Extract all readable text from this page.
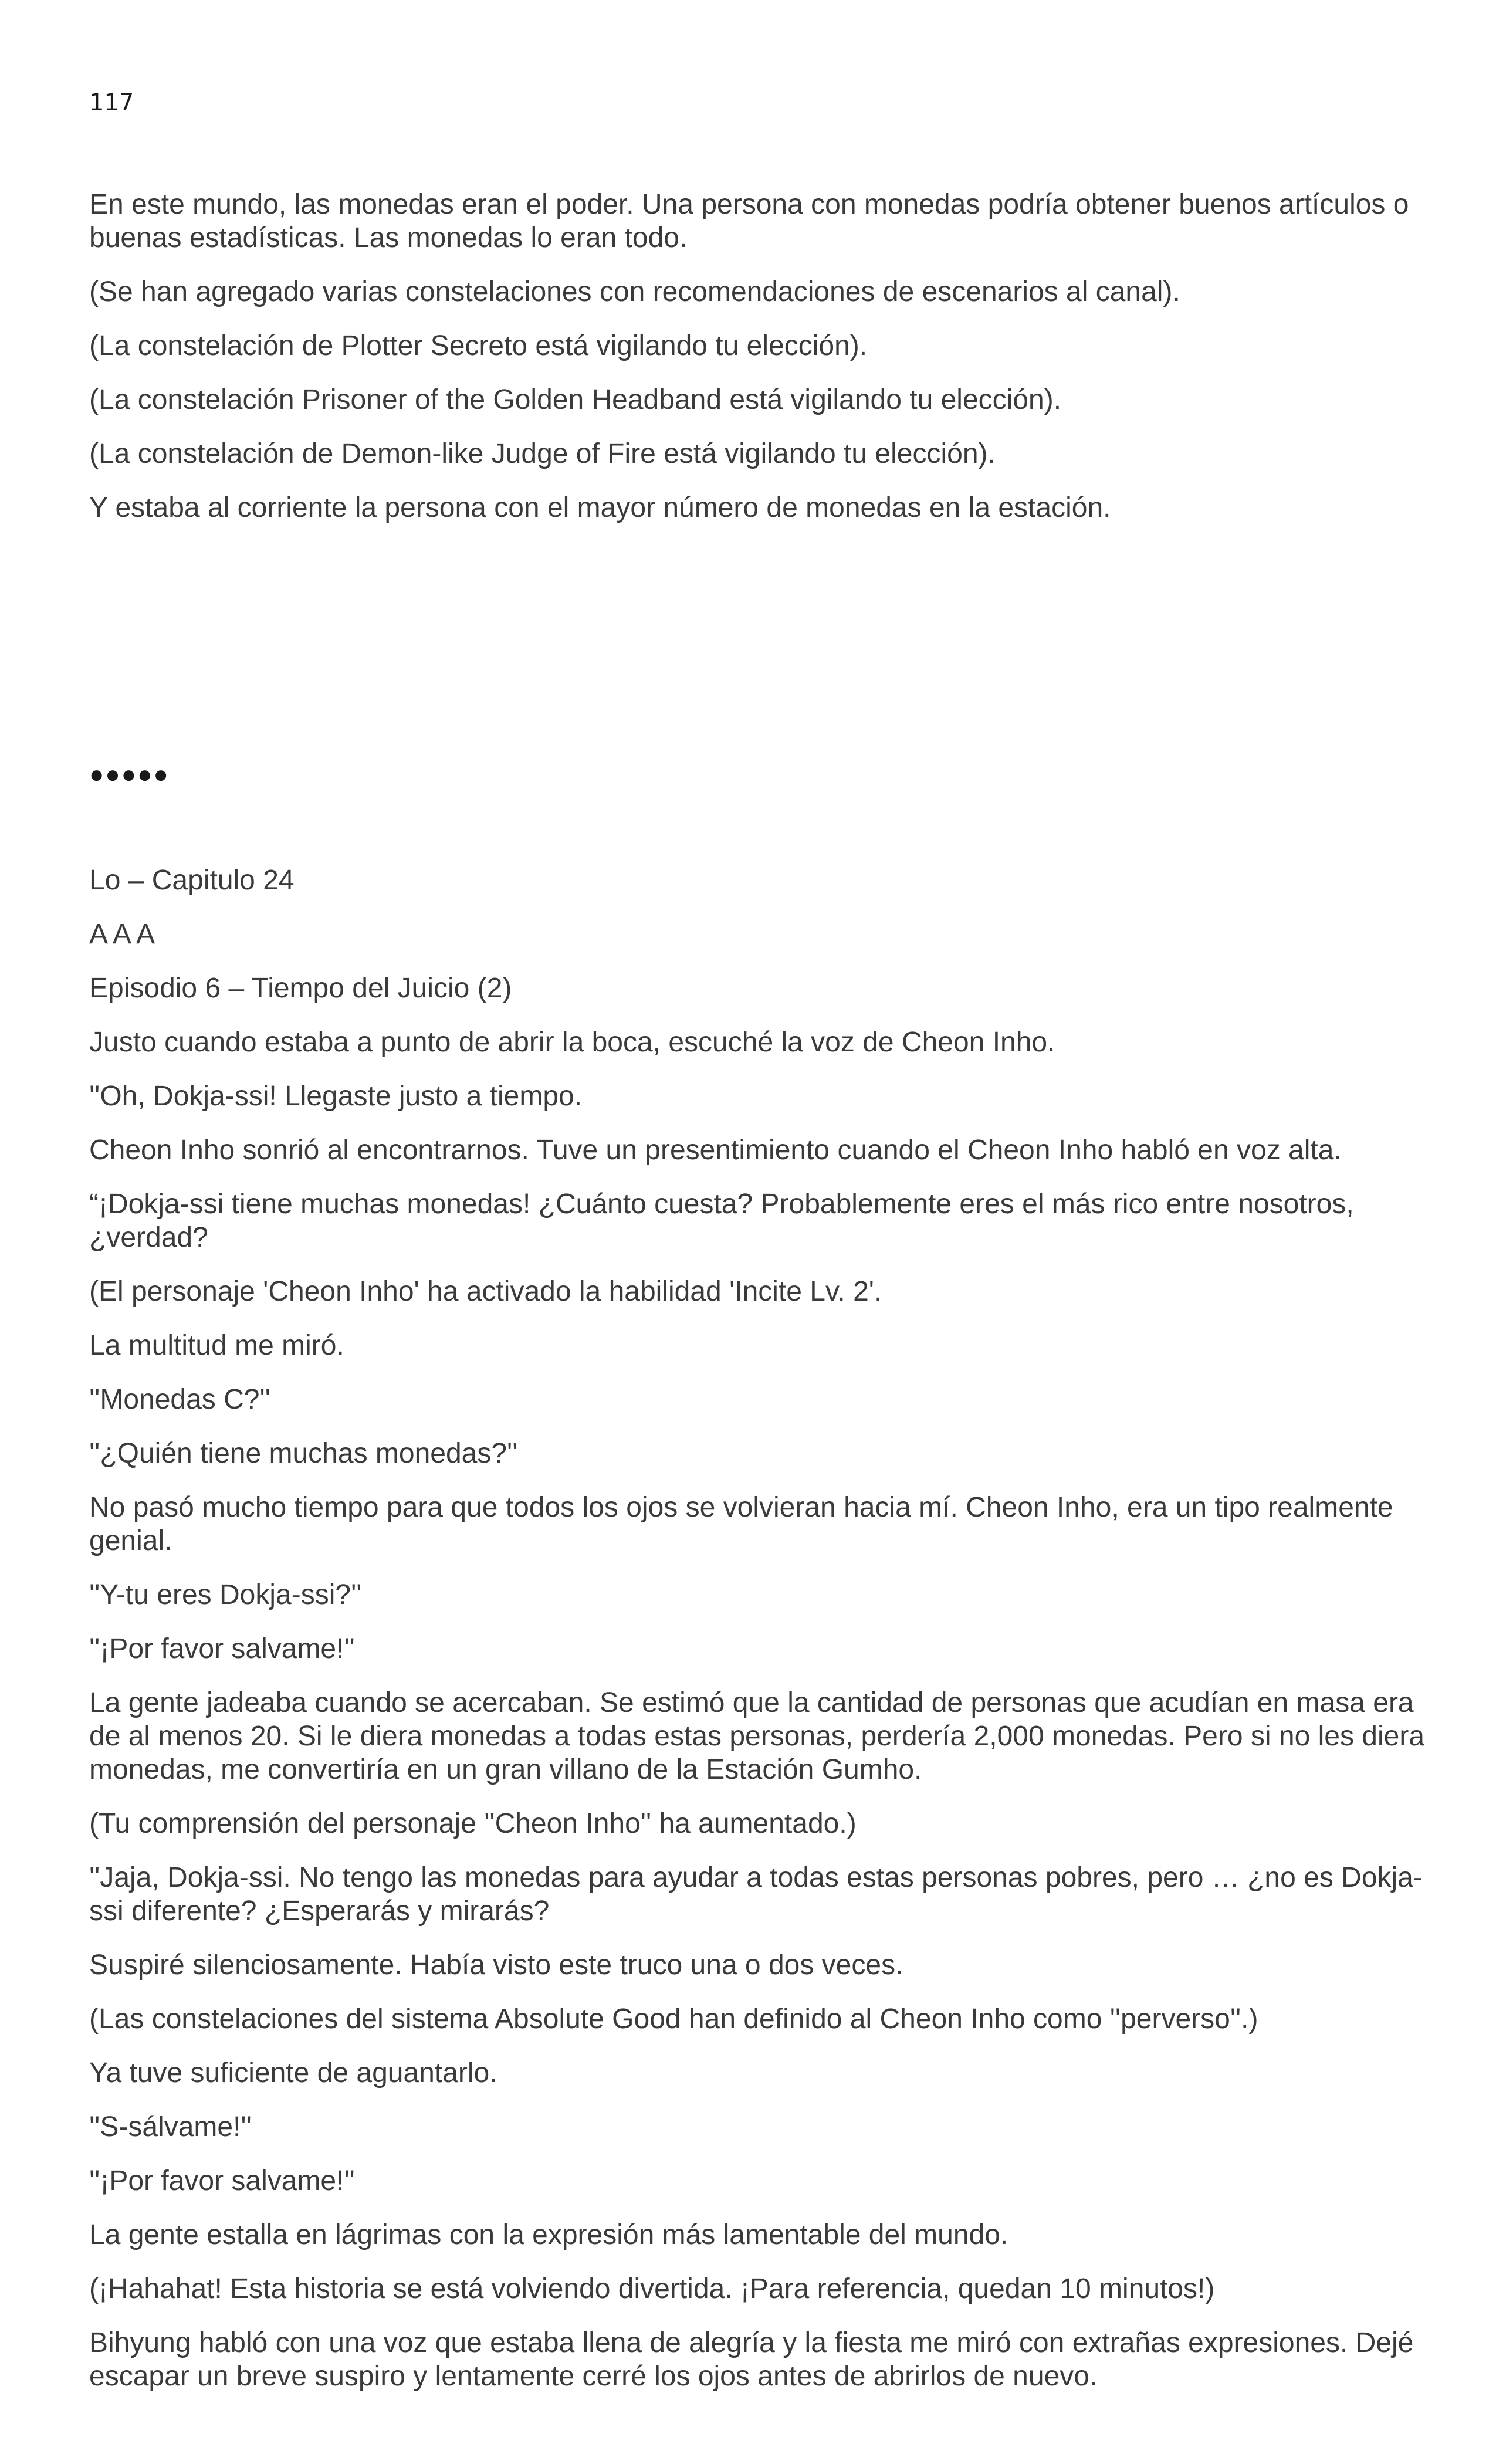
117

En este mundo, las monedas eran el poder. Una persona con monedas podría obtener buenos artículos o buenas estadísticas. Las monedas lo eran todo.

(Se han agregado varias constelaciones con recomendaciones de escenarios al canal).

(La constelación de Plotter Secreto está vigilando tu elección).

(La constelación Prisoner of the Golden Headband está vigilando tu elección).

(La constelación de Demon-like Judge of Fire está vigilando tu elección).

Y estaba al corriente la persona con el mayor número de monedas en la estación.

●●●●●

Lo – Capitulo 24

A A A

Episodio 6 – Tiempo del Juicio (2)

Justo cuando estaba a punto de abrir la boca, escuché la voz de Cheon Inho.

''Oh, Dokja-ssi! Llegaste justo a tiempo.

Cheon Inho sonrió al encontrarnos. Tuve un presentimiento cuando el Cheon Inho habló en voz alta.

“¡Dokja-ssi tiene muchas monedas! ¿Cuánto cuesta? Probablemente eres el más rico entre nosotros, ¿verdad?

(El personaje 'Cheon Inho' ha activado la habilidad 'Incite Lv. 2'.

La multitud me miró.

''Monedas C?''

''¿Quién tiene muchas monedas?''

No pasó mucho tiempo para que todos los ojos se volvieran hacia mí. Cheon Inho, era un tipo realmente genial.

''Y-tu eres Dokja-ssi?''

''¡Por favor salvame!''

La gente jadeaba cuando se acercaban. Se estimó que la cantidad de personas que acudían en masa era de al menos 20. Si le diera monedas a todas estas personas, perdería 2,000 monedas. Pero si no les diera monedas, me convertiría en un gran villano de la Estación Gumho.

(Tu comprensión del personaje ''Cheon Inho'' ha aumentado.)

''Jaja, Dokja-ssi. No tengo las monedas para ayudar a todas estas personas pobres, pero … ¿no es Dokja-ssi diferente? ¿Esperarás y mirarás?

Suspiré silenciosamente. Había visto este truco una o dos veces.

(Las constelaciones del sistema Absolute Good han definido al Cheon Inho como ''perverso''.)

Ya tuve suficiente de aguantarlo.

''S-sálvame!''

''¡Por favor salvame!''

La gente estalla en lágrimas con la expresión más lamentable del mundo.

(¡Hahahat! Esta historia se está volviendo divertida. ¡Para referencia, quedan 10 minutos!)

Bihyung habló con una voz que estaba llena de alegría y la fiesta me miró con extrañas expresiones. Dejé escapar un breve suspiro y lentamente cerré los ojos antes de abrirlos de nuevo.
